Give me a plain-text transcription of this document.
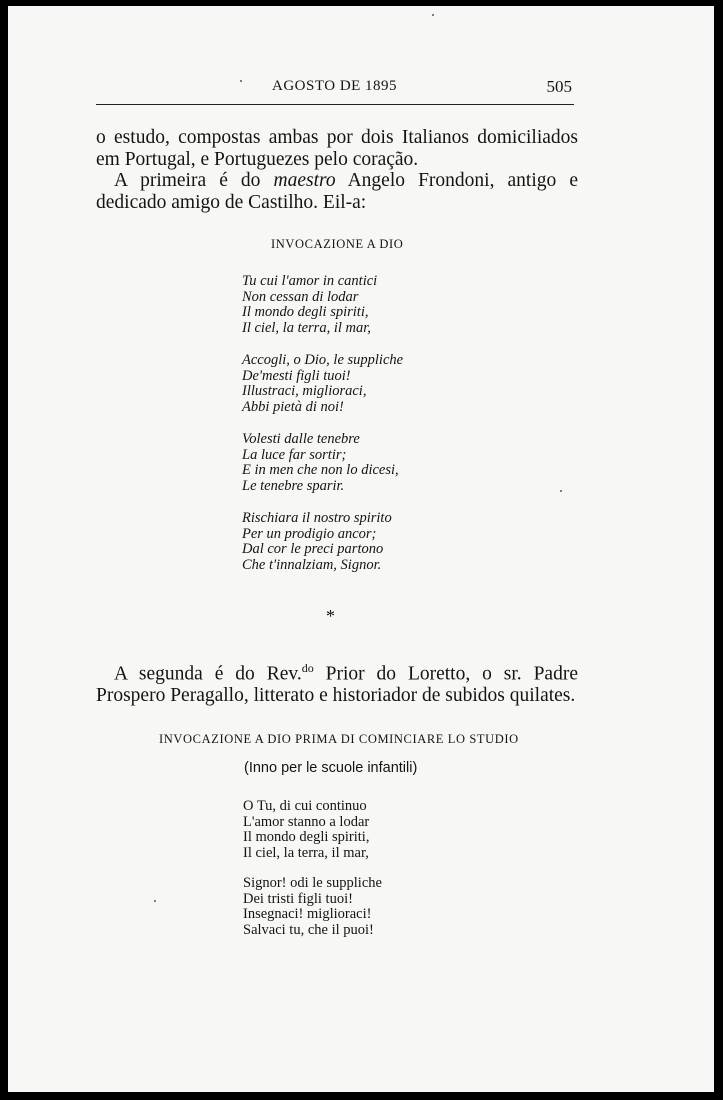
AGOSTO DE 1895	505

o estudo, compostas ambas por dois Italianos domiciliados em Portugal, e Portuguezes pelo coração.

A primeira é do maestro Angelo Frondoni, antigo e dedicado amigo de Castilho. Eil-a:

INVOCAZIONE A DIO
Tu cui l'amor in cantici
Non cessan di lodar
Il mondo degli spiriti,
Il ciel, la terra, il mar,
Accogli, o Dio, le suppliche
De'mesti figli tuoi!
Illustraci, miglioraci,
Abbi pietà di noi!
Volesti dalle tenebre
La luce far sortir;
E in men che non lo dicesi,
Le tenebre sparir.
Rischiara il nostro spirito
Per un prodigio ancor;
Dal cor le preci partono
Che t'innalziam, Signor.
*

A segunda é do Rev.$^{do}$ Prior do Loretto, o sr. Padre Prospero Peragallo, litterato e historiador de subidos quilates.

INVOCAZIONE A DIO PRIMA DI COMINCIARE LO STUDIO
(Inno per le scuole infantili)
O Tu, di cui continuo
L'amor stanno a lodar
Il mondo degli spiriti,
Il ciel, la terra, il mar,
Signor! odi le suppliche
Dei tristi figli tuoi!
Insegnaci! miglioraci!
Salvaci tu, che il puoi!
